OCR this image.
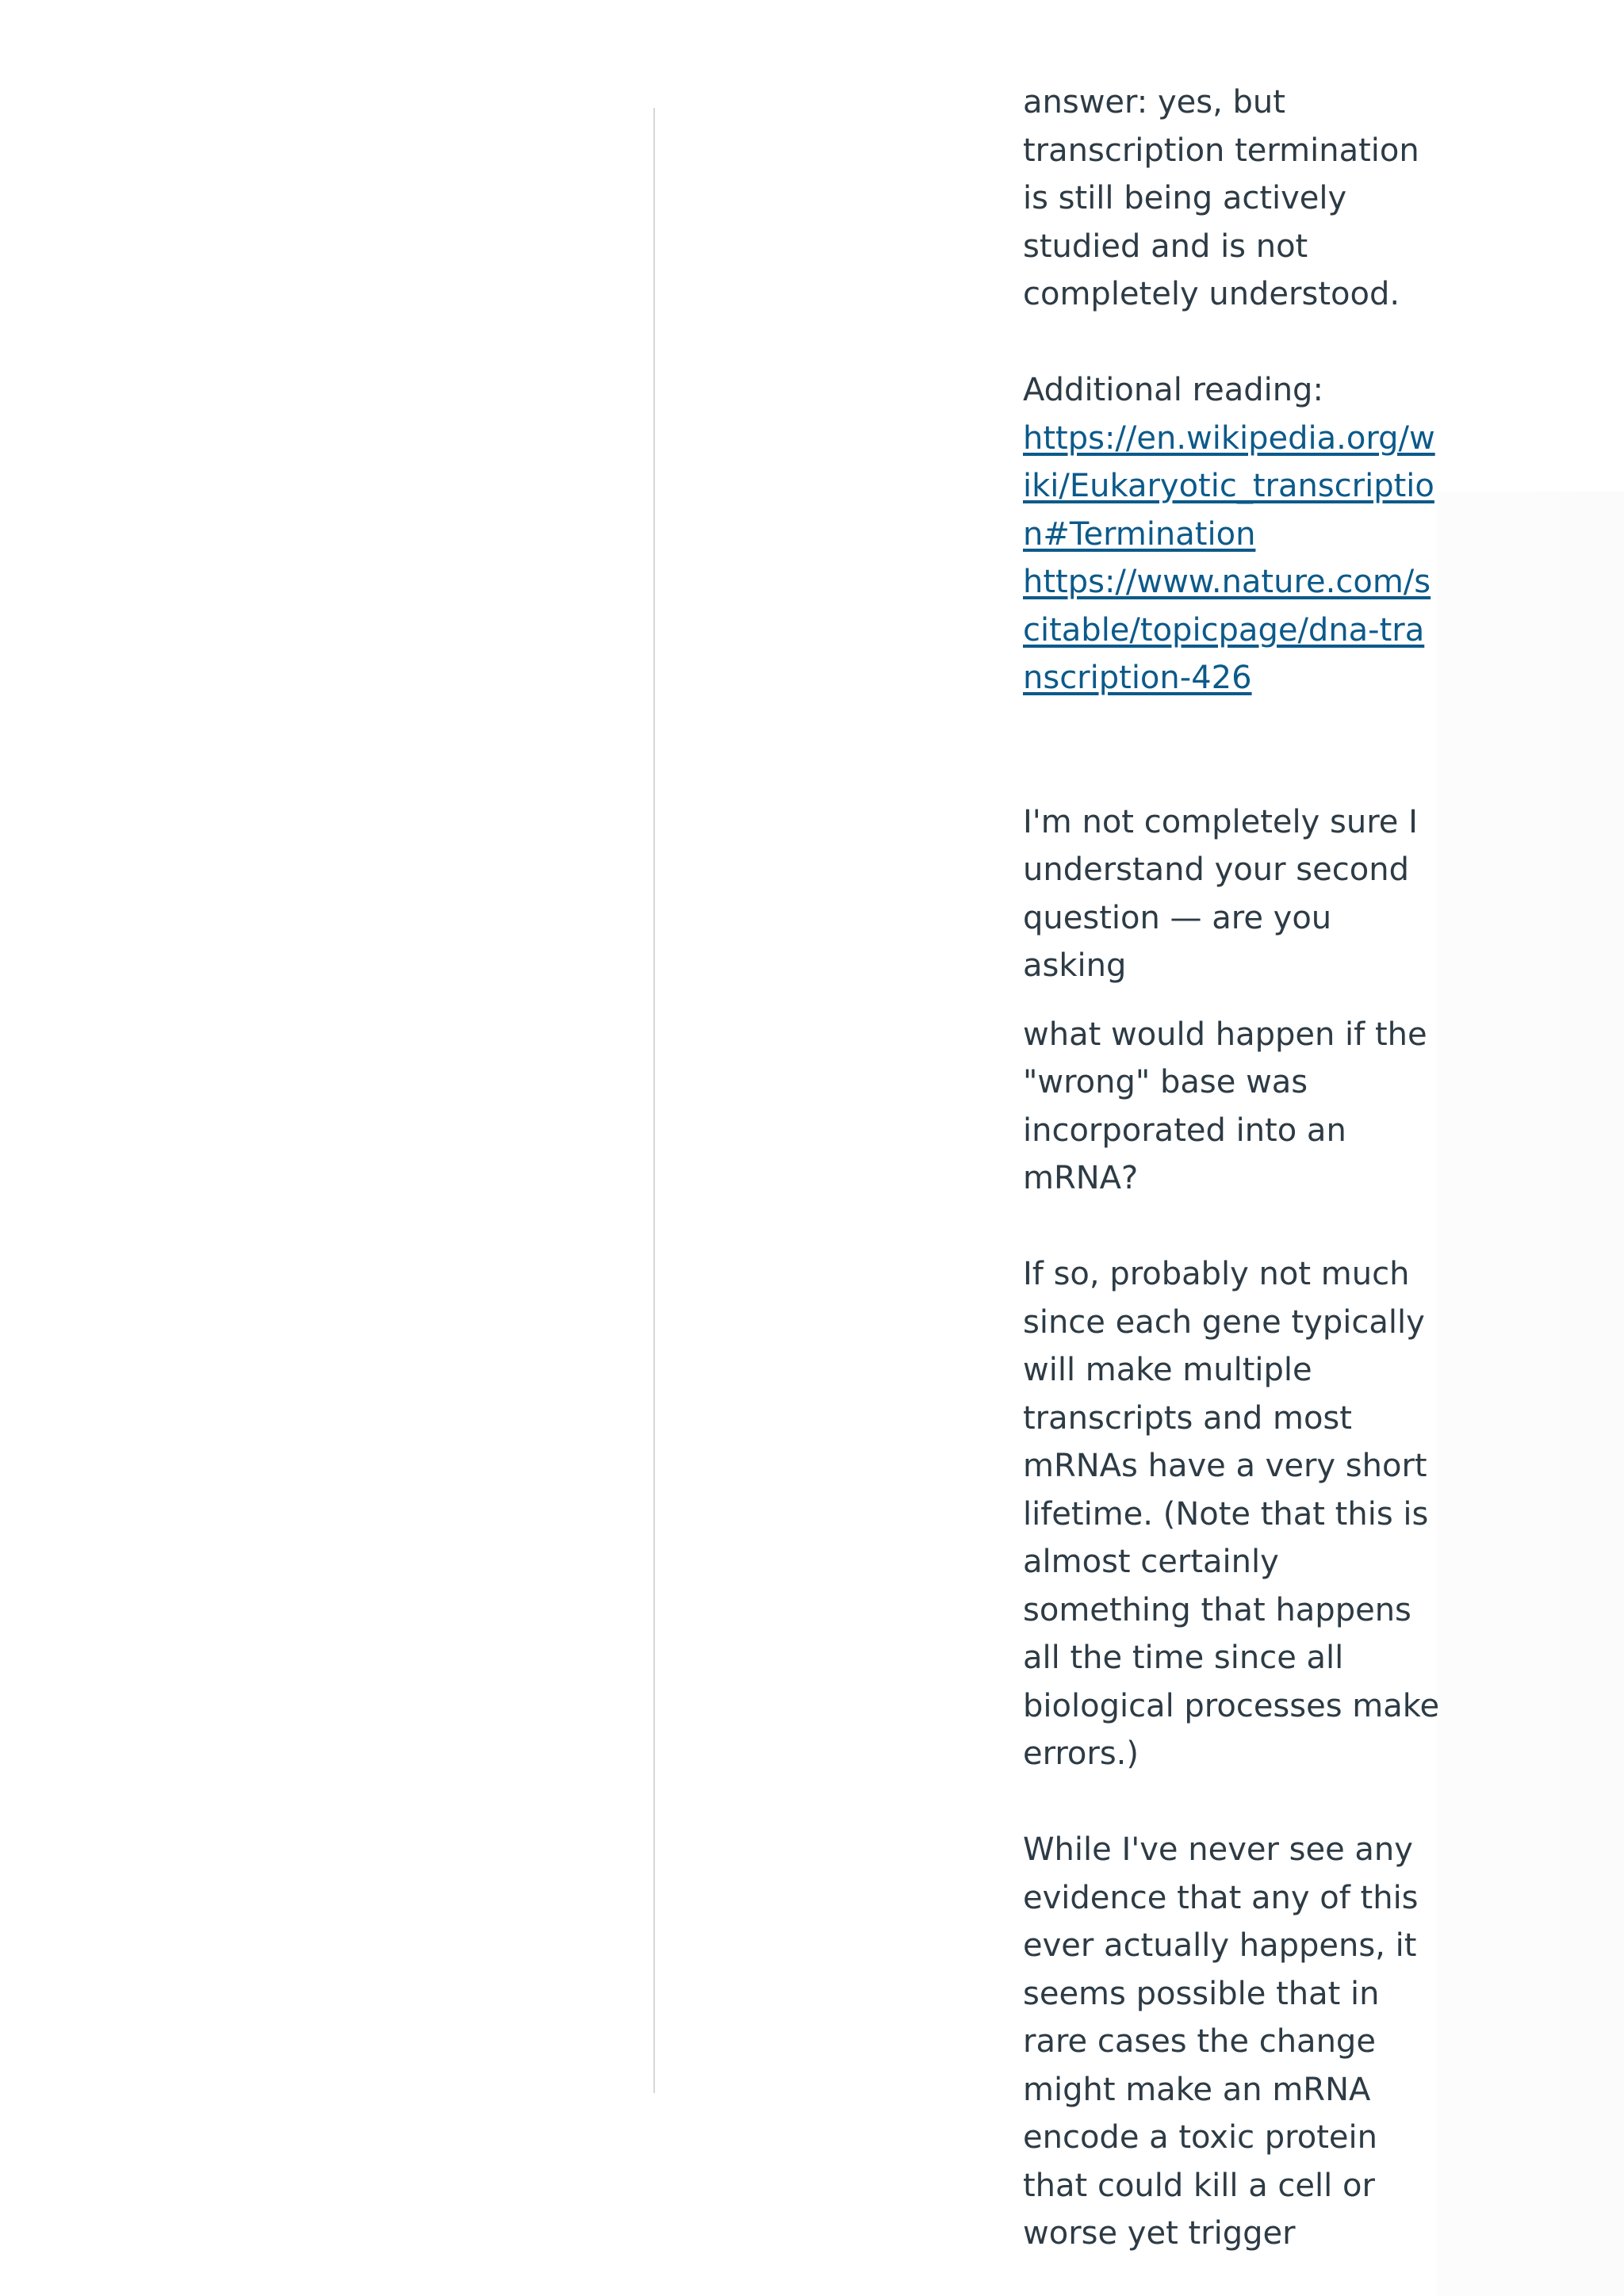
answer: yes, but transcription termination is still being actively studied and is not completely understood.

Additional reading:

https://en.wikipedia.org/wiki/Eukaryotic_transcription#Termination
https://www.nature.com/scitable/topicpage/dna-transcription-426

I'm not completely sure I understand your second question — are you asking

what would happen if the "wrong" base was incorporated into an mRNA?

If so, probably not much since each gene typically will make multiple transcripts and most mRNAs have a very short lifetime. (Note that this is almost certainly something that happens all the time since all biological processes make errors.)

While I've never see any evidence that any of this ever actually happens, it seems possible that in rare cases the change might make an mRNA encode a toxic protein that could kill a cell or worse yet trigger
